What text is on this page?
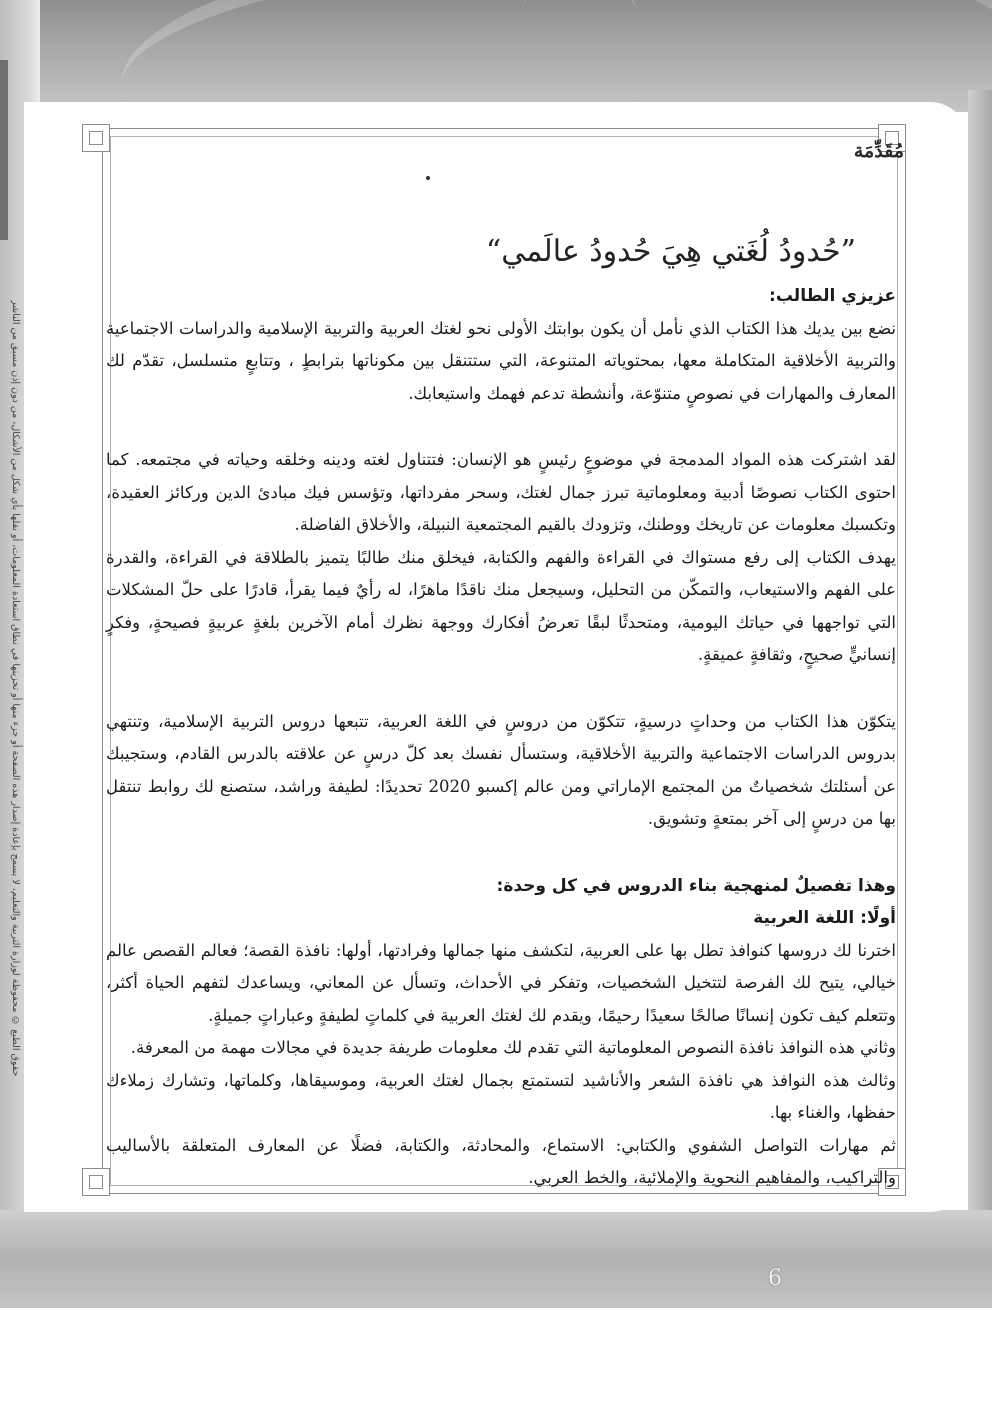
حقوق الطبع © محفوظة لوزارة التربية والتعليم، لا يسمح بإعادة إصدار هذه الصفحة أو جزء منها أو تخزينها في نطاق استعادة المعلومات، أو نقلها بأي شكل من الأشكال، من دون إذن مسبق من الناشر
مُقَدِّمَة
”حُدودُ لُغَتي هِيَ حُدودُ عالَمي“

عزيزي الطالب:

نضع بين يديك هذا الكتاب الذي نأمل أن يكون بوابتك الأولى نحو لغتك العربية والتربية الإسلامية والدراسات الاجتماعية والتربية الأخلاقية المتكاملة معها، بمحتوياته المتنوعة، التي ستتنقل بين مكوناتها بترابطٍ ، وتتابعٍ متسلسل، تقدّم لك المعارف والمهارات في نصوصٍ متنوّعة، وأنشطة تدعم فهمك واستيعابك.

لقد اشتركت هذه المواد المدمجة في موضوعٍ رئيسٍ هو الإنسان: فتتناول لغته ودينه وخلقه وحياته في مجتمعه. كما احتوى الكتاب نصوصًا أدبية ومعلوماتية تبرز جمال لغتك، وسحر مفرداتها، وتؤسس فيك مبادئ الدين وركائز العقيدة، وتكسبك معلومات عن تاريخك ووطنك، وتزودك بالقيم المجتمعية النبيلة، والأخلاق الفاضلة.

يهدف الكتاب إلى رفع مستواك في القراءة والفهم والكتابة، فيخلق منك طالبًا يتميز بالطلاقة في القراءة، والقدرة على الفهم والاستيعاب، والتمكّن من التحليل، وسيجعل منك ناقدًا ماهرًا، له رأيٌ فيما يقرأ، قادرًا على حلّ المشكلات التي تواجهها في حياتك اليومية، ومتحدثًا لبقًا تعرضُ أفكارك ووجهة نظرك أمام الآخرين بلغةٍ عربيةٍ فصيحةٍ، وفكرٍ إنسانيٍّ صحيحٍ، وثقافةٍ عميقةٍ.

يتكوّن هذا الكتاب من وحداتٍ درسيةٍ، تتكوّن من دروسٍ في اللغة العربية، تتبعها دروس التربية الإسلامية، وتنتهي بدروس الدراسات الاجتماعية والتربية الأخلاقية، وستسأل نفسك بعد كلّ درسٍ عن علاقته بالدرس القادم، وستجيبك عن أسئلتك شخصياتٌ من المجتمع الإماراتي ومن عالم إكسبو 2020 تحديدًا: لطيفة وراشد، ستصنع لك روابط تنتقل بها من درسٍ إلى آخر بمتعةٍ وتشويق.

وهذا تفصيلٌ لمنهجية بناء الدروس في كل وحدة:

أولًا: اللغة العربية

اخترنا لك دروسها كنوافذ تطل بها على العربية، لتكشف منها جمالها وفرادتها، أولها: نافذة القصة؛ فعالم القصص عالم خيالي، يتيح لك الفرصة لتتخيل الشخصيات، وتفكر في الأحداث، وتسأل عن المعاني، ويساعدك لتفهم الحياة أكثر، وتتعلم كيف تكون إنسانًا صالحًا سعيدًا رحيمًا، ويقدم لك لغتك العربية في كلماتٍ لطيفةٍ وعباراتٍ جميلةٍ.

وثاني هذه النوافذ نافذة النصوص المعلوماتية التي تقدم لك معلومات طريفة جديدة في مجالات مهمة من المعرفة.

وثالث هذه النوافذ هي نافذة الشعر والأناشيد لتستمتع بجمال لغتك العربية، وموسيقاها، وكلماتها، وتشارك زملاءك حفظها، والغناء بها.

ثم مهارات التواصل الشفوي والكتابي: الاستماع، والمحادثة، والكتابة، فضلًا عن المعارف المتعلقة بالأساليب والتراكيب، والمفاهيم النحوية والإملائية، والخط العربي.

6
